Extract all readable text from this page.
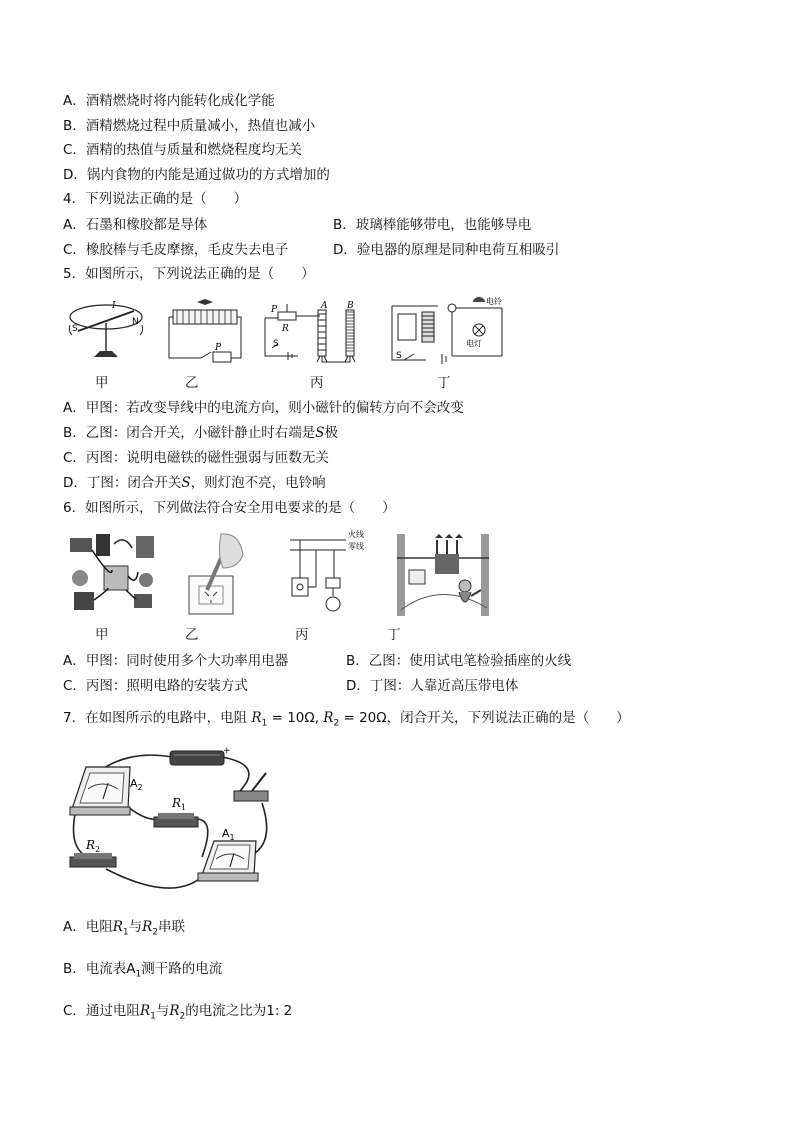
A．酒精燃烧时将内能转化成化学能
B．酒精燃烧过程中质量减小，热值也减小
C．酒精的热值与质量和燃烧程度均无关
D．锅内食物的内能是通过做功的方式增加的
4．下列说法正确的是（　　）
A．石墨和橡胶都是导体	B．玻璃棒能够带电，也能够导电
C．橡胶棒与毛皮摩擦，毛皮失去电子	D．验电器的原理是同种电荷互相吸引
5．如图所示，下列说法正确的是（　　）
S
N
I
P
P
R
S
A B
S
电铃
电灯
甲	乙	丙	丁
A．甲图：若改变导线中的电流方向，则小磁针的偏转方向不会改变
B．乙图：闭合开关，小磁针静止时右端是S极
C．丙图：说明电磁铁的磁性强弱与匝数无关
D．丁图：闭合开关S，则灯泡不亮，电铃响
6．如图所示，下列做法符合安全用电要求的是（　　）
火线
零线
甲	乙	丙	丁
A．甲图：同时使用多个大功率用电器	B．乙图：使用试电笔检验插座的火线
C．丙图：照明电路的安装方式	D．丁图：人靠近高压带电体
7．在如图所示的电路中，电阻 $R_1 = 10\Omega$, $R_2 = 20\Omega$，闭合开关，下列说法正确的是（　　）
-	+
$A_2$
$R_1$
$R_2$
$A_1$
A．电阻$R_1$与$R_2$串联
B．电流表$A_1$测干路的电流
C．通过电阻$R_1$与$R_2$的电流之比为1: 2
